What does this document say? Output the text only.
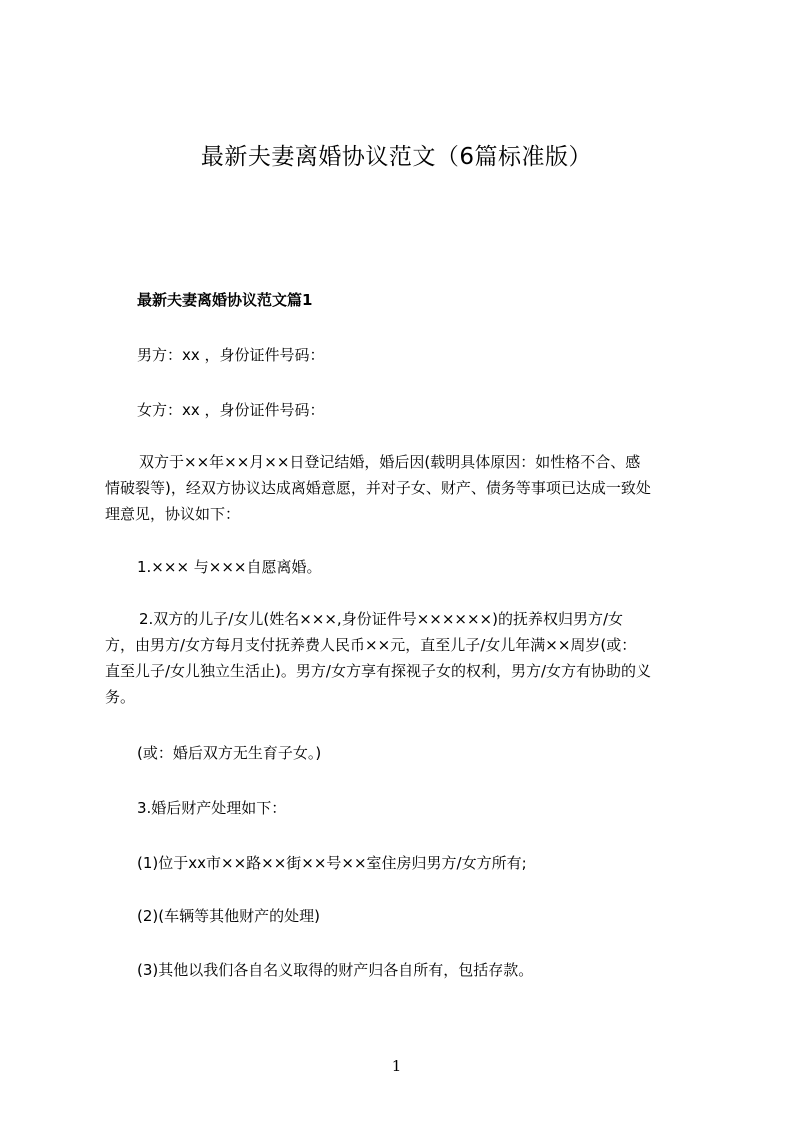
最新夫妻离婚协议范文（6篇标准版）
最新夫妻离婚协议范文篇1
男方：xx ，身份证件号码：
女方：xx ，身份证件号码：
双方于××年××月××日登记结婚，婚后因(载明具体原因：如性格不合、感
情破裂等)，经双方协议达成离婚意愿，并对子女、财产、债务等事项已达成一致处
理意见，协议如下：
1.××× 与×××自愿离婚。
2.双方的儿子/女儿(姓名×××,身份证件号××××××)的抚养权归男方/女
方，由男方/女方每月支付抚养费人民币××元，直至儿子/女儿年满××周岁(或：
直至儿子/女儿独立生活止)。男方/女方享有探视子女的权利，男方/女方有协助的义
务。
(或：婚后双方无生育子女。)
3.婚后财产处理如下：
(1)位于xx市××路××街××号××室住房归男方/女方所有;
(2)(车辆等其他财产的处理)
(3)其他以我们各自名义取得的财产归各自所有，包括存款。
1
